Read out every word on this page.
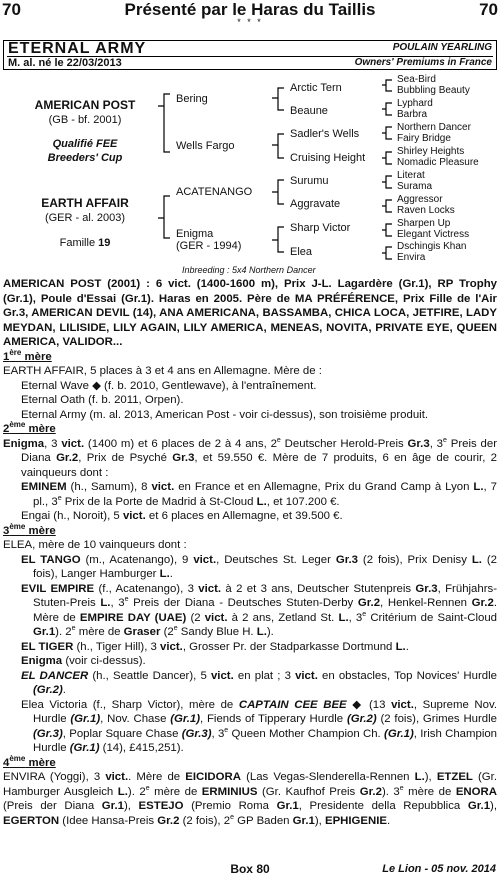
70	Présenté par le Haras du Taillis	70
* * *
ETERNAL ARMY	POULAIN YEARLING
M. al. né le 22/03/2013	Owners' Premiums in France
AMERICAN POST
(GB - bf. 2001)
Qualifié FEE
Breeders' Cup
EARTH AFFAIR
(GER - al. 2003)
Famille 19
Bering
Wells Fargo
ACATENANGO
Enigma
(GER - 1994)
Arctic Tern
Beaune
Sadler's Wells
Cruising Height
Surumu
Aggravate
Sharp Victor
Elea
Sea-Bird
Bubbling Beauty
Lyphard
Barbra
Northern Dancer
Fairy Bridge
Shirley Heights
Nomadic Pleasure
Literat
Surama
Aggressor
Raven Locks
Sharpen Up
Elegant Victress
Dschingis Khan
Envira
Inbreeding : 5x4 Northern Dancer

AMERICAN POST (2001) : 6 vict. (1400-1600 m), Prix J-L. Lagardère (Gr.1), RP Trophy (Gr.1), Poule d'Essai (Gr.1). Haras en 2005. Père de MA PRÉFÉRENCE, Prix Fille de l'Air Gr.3, AMERICAN DEVIL (14), ANA AMERICANA, BASSAMBA, CHICA LOCA, JETFIRE, LADY MEYDAN, LILISIDE, LILY AGAIN, LILY AMERICA, MENEAS, NOVITA, PRIVATE EYE, QUEEN AMERICA, VALIDOR...

1ère mère

EARTH AFFAIR, 5 places à 3 et 4 ans en Allemagne. Mère de :

Eternal Wave ◆ (f. b. 2010, Gentlewave), à l'entraînement.

Eternal Oath (f. b. 2011, Orpen).

Eternal Army (m. al. 2013, American Post - voir ci-dessus), son troisième produit.

2ème mère

Enigma, 3 vict. (1400 m) et 6 places de 2 à 4 ans, 2e Deutscher Herold-Preis Gr.3, 3e Preis der Diana Gr.2, Prix de Psyché Gr.3, et 59.550 €. Mère de 7 produits, 6 en âge de courir, 2 vainqueurs dont :

EMINEM (h., Samum), 8 vict. en France et en Allemagne, Prix du Grand Camp à Lyon L., 7 pl., 3e Prix de la Porte de Madrid à St-Cloud L., et 107.200 €.

Engai (h., Noroit), 5 vict. et 6 places en Allemagne, et 39.500 €.

3ème mère

ELEA, mère de 10 vainqueurs dont :

EL TANGO (m., Acatenango), 9 vict., Deutsches St. Leger Gr.3 (2 fois), Prix Denisy L. (2 fois), Langer Hamburger L..

EVIL EMPIRE (f., Acatenango), 3 vict. à 2 et 3 ans, Deutscher Stutenpreis Gr.3, Frühjahrs-Stuten-Preis L., 3e Preis der Diana - Deutsches Stuten-Derby Gr.2, Henkel-Rennen Gr.2. Mère de EMPIRE DAY (UAE) (2 vict. à 2 ans, Zetland St. L., 3e Critérium de Saint-Cloud Gr.1). 2e mère de Graser (2e Sandy Blue H. L.).

EL TIGER (h., Tiger Hill), 3 vict., Grosser Pr. der Stadparkasse Dortmund L..

Enigma (voir ci-dessus).

EL DANCER (h., Seattle Dancer), 5 vict. en plat ; 3 vict. en obstacles, Top Novices' Hurdle (Gr.2).

Elea Victoria (f., Sharp Victor), mère de CAPTAIN CEE BEE ◆ (13 vict., Supreme Nov. Hurdle (Gr.1), Nov. Chase (Gr.1), Fiends of Tipperary Hurdle (Gr.2) (2 fois), Grimes Hurdle (Gr.3), Poplar Square Chase (Gr.3), 3e Queen Mother Champion Ch. (Gr.1), Irish Champion Hurdle (Gr.1) (14), £415,251).

4ème mère

ENVIRA (Yoggi), 3 vict.. Mère de EICIDORA (Las Vegas-Slenderella-Rennen L.), ETZEL (Gr. Hamburger Ausgleich L.). 2e mère de ERMINIUS (Gr. Kaufhof Preis Gr.2). 3e mère de ENORA (Preis der Diana Gr.1), ESTEJO (Premio Roma Gr.1, Presidente della Repubblica Gr.1), EGERTON (Idee Hansa-Preis Gr.2 (2 fois), 2e GP Baden Gr.1), EPHIGENIE.

Box 80	Le Lion - 05 nov. 2014
